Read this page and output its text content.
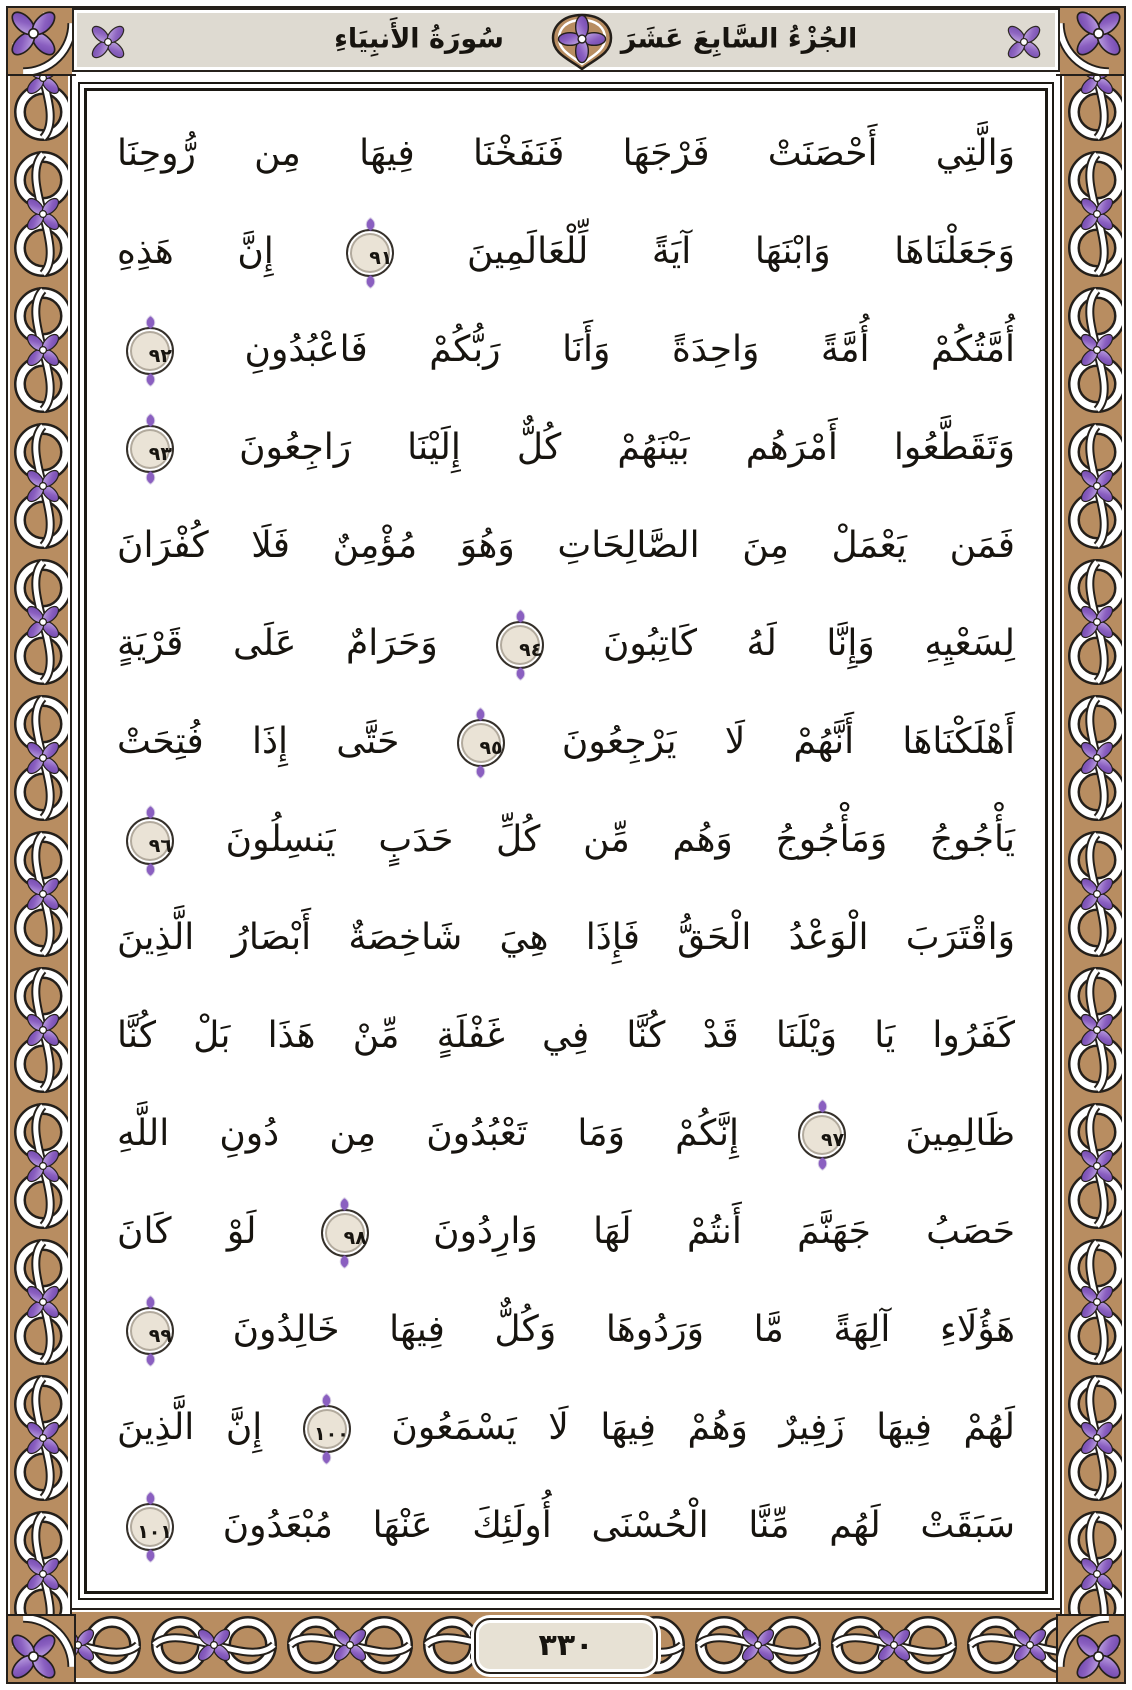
سُورَةُ الأَنبِيَاءِ	الجُزْءُ السَّابِعَ عَشَرَ
وَالَّتِي أَحْصَنَتْ فَرْجَهَا فَنَفَخْنَا فِيهَا مِن رُّوحِنَا
وَجَعَلْنَاهَا وَابْنَهَا آيَةً لِّلْعَالَمِينَ ٩١ إِنَّ هَذِهِ
أُمَّتُكُمْ أُمَّةً وَاحِدَةً وَأَنَا رَبُّكُمْ فَاعْبُدُونِ ٩٢
وَتَقَطَّعُوا أَمْرَهُم بَيْنَهُمْ كُلٌّ إِلَيْنَا رَاجِعُونَ ٩٣
فَمَن يَعْمَلْ مِنَ الصَّالِحَاتِ وَهُوَ مُؤْمِنٌ فَلَا كُفْرَانَ
لِسَعْيِهِ وَإِنَّا لَهُ كَاتِبُونَ ٩٤ وَحَرَامٌ عَلَى قَرْيَةٍ
أَهْلَكْنَاهَا أَنَّهُمْ لَا يَرْجِعُونَ ٩٥ حَتَّى إِذَا فُتِحَتْ
يَأْجُوجُ وَمَأْجُوجُ وَهُم مِّن كُلِّ حَدَبٍ يَنسِلُونَ ٩٦
وَاقْتَرَبَ الْوَعْدُ الْحَقُّ فَإِذَا هِيَ شَاخِصَةٌ أَبْصَارُ الَّذِينَ
كَفَرُوا يَا وَيْلَنَا قَدْ كُنَّا فِي غَفْلَةٍ مِّنْ هَذَا بَلْ كُنَّا
ظَالِمِينَ ٩٧ إِنَّكُمْ وَمَا تَعْبُدُونَ مِن دُونِ اللَّهِ
حَصَبُ جَهَنَّمَ أَنتُمْ لَهَا وَارِدُونَ ٩٨ لَوْ كَانَ
هَؤُلَاءِ آلِهَةً مَّا وَرَدُوهَا وَكُلٌّ فِيهَا خَالِدُونَ ٩٩
لَهُمْ فِيهَا زَفِيرٌ وَهُمْ فِيهَا لَا يَسْمَعُونَ ١٠٠ إِنَّ الَّذِينَ
سَبَقَتْ لَهُم مِّنَّا الْحُسْنَى أُولَئِكَ عَنْهَا مُبْعَدُونَ ١٠١
٣٣٠
